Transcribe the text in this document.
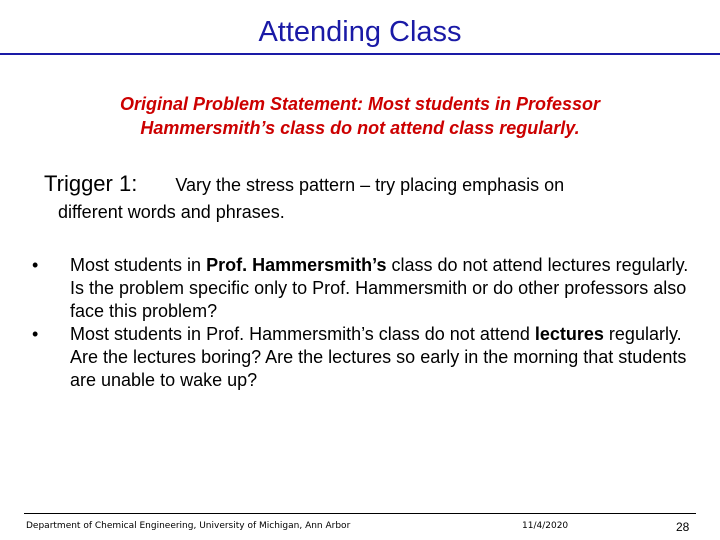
Attending Class
Original Problem Statement: Most students in Professor
Hammersmith’s class do not attend class regularly.
Trigger 1: Vary the stress pattern – try placing emphasis on
different words and phrases.
• Most students in Prof. Hammersmith’s class do not attend lectures regularly. Is the problem specific only to Prof. Hammersmith or do other professors also face this problem?
• Most students in Prof. Hammersmith’s class do not attend lectures regularly. Are the lectures boring? Are the lectures so early in the morning that students are unable to wake up?
Department of Chemical Engineering, University of Michigan, Ann Arbor	11/4/2020	28
